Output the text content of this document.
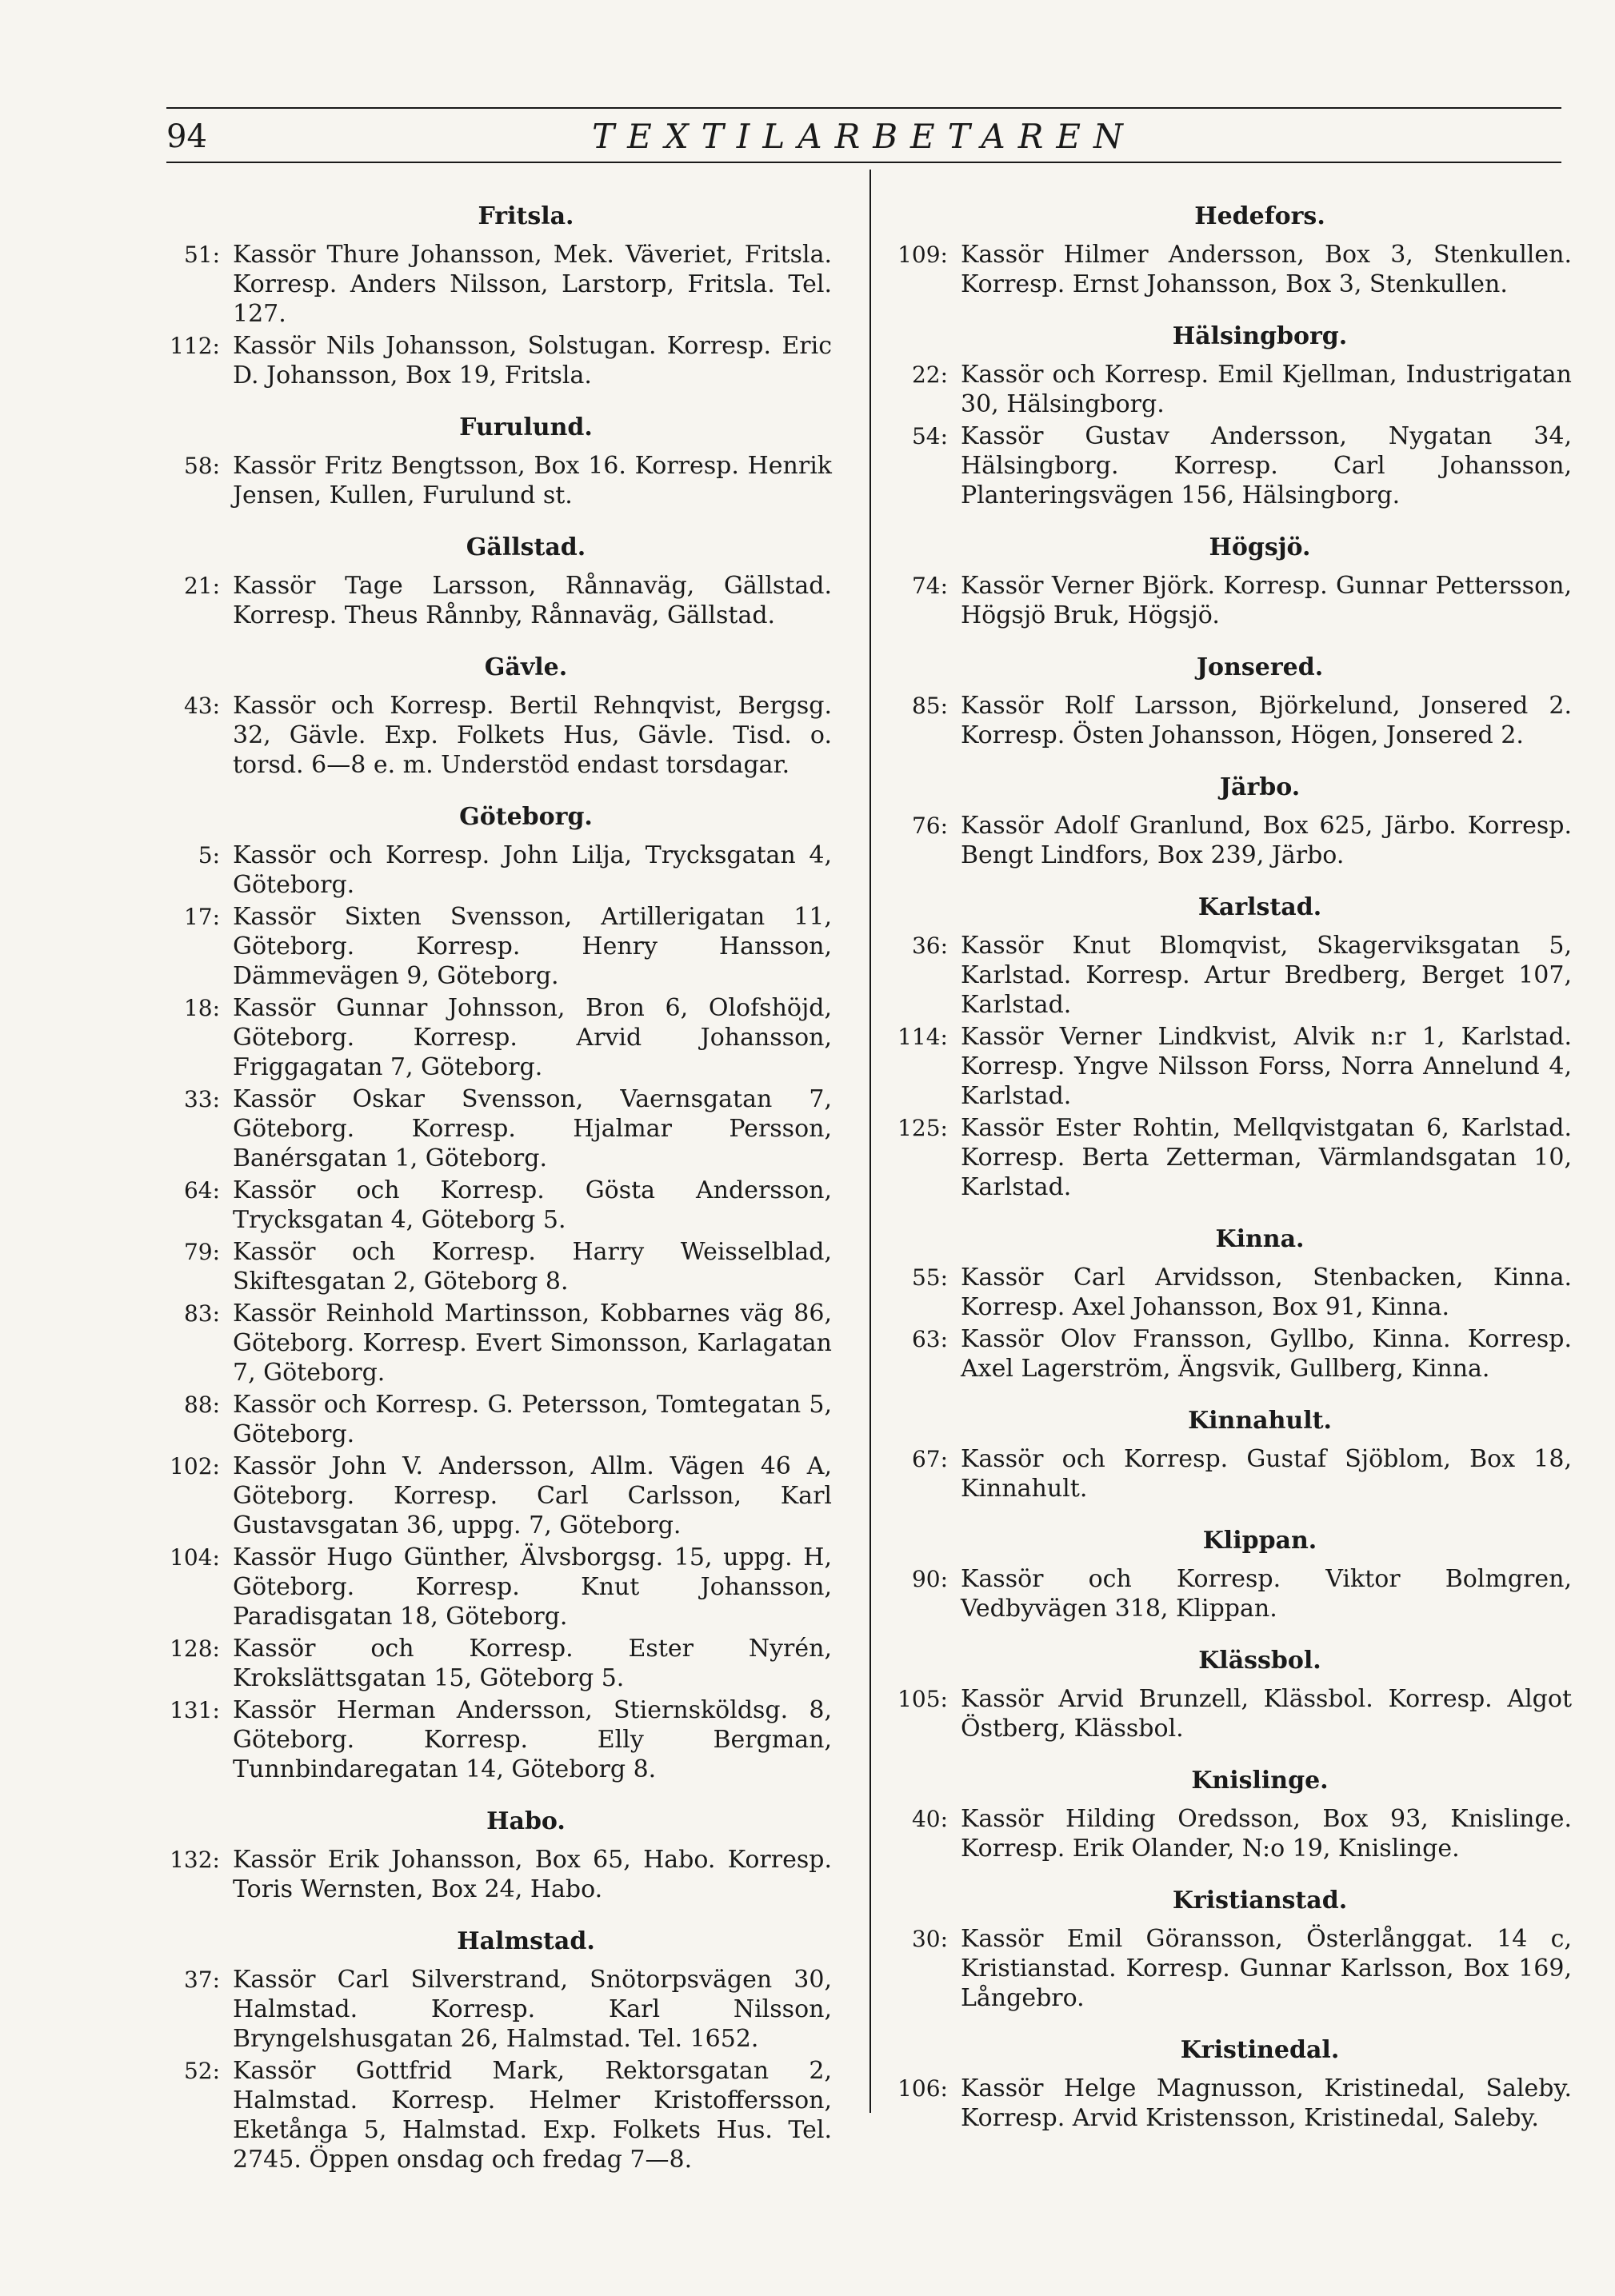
94	TEXTILARBETAREN
Fritsla.
51: Kassör Thure Johansson, Mek. Väveriet, Fritsla. Korresp. Anders Nilsson, Larstorp, Fritsla. Tel. 127.
112: Kassör Nils Johansson, Solstugan. Korresp. Eric D. Johansson, Box 19, Fritsla.
Furulund.
58: Kassör Fritz Bengtsson, Box 16. Korresp. Henrik Jensen, Kullen, Furulund st.
Gällstad.
21: Kassör Tage Larsson, Rånnaväg, Gällstad. Korresp. Theus Rånnby, Rånnaväg, Gällstad.
Gävle.
43: Kassör och Korresp. Bertil Rehnqvist, Bergsg. 32, Gävle. Exp. Folkets Hus, Gävle. Tisd. o. torsd. 6—8 e. m. Understöd endast torsdagar.
Göteborg.
5: Kassör och Korresp. John Lilja, Trycksgatan 4, Göteborg.
17: Kassör Sixten Svensson, Artillerigatan 11, Göteborg. Korresp. Henry Hansson, Dämmevägen 9, Göteborg.
18: Kassör Gunnar Johnsson, Bron 6, Olofshöjd, Göteborg. Korresp. Arvid Johansson, Friggagatan 7, Göteborg.
33: Kassör Oskar Svensson, Vaernsgatan 7, Göteborg. Korresp. Hjalmar Persson, Banérsgatan 1, Göteborg.
64: Kassör och Korresp. Gösta Andersson, Trycksgatan 4, Göteborg 5.
79: Kassör och Korresp. Harry Weisselblad, Skiftesgatan 2, Göteborg 8.
83: Kassör Reinhold Martinsson, Kobbarnes väg 86, Göteborg. Korresp. Evert Simonsson, Karlagatan 7, Göteborg.
88: Kassör och Korresp. G. Petersson, Tomtegatan 5, Göteborg.
102: Kassör John V. Andersson, Allm. Vägen 46 A, Göteborg. Korresp. Carl Carlsson, Karl Gustavsgatan 36, uppg. 7, Göteborg.
104: Kassör Hugo Günther, Älvsborgsg. 15, uppg. H, Göteborg. Korresp. Knut Johansson, Paradisgatan 18, Göteborg.
128: Kassör och Korresp. Ester Nyrén, Krokslättsgatan 15, Göteborg 5.
131: Kassör Herman Andersson, Stiernsköldsg. 8, Göteborg. Korresp. Elly Bergman, Tunnbindaregatan 14, Göteborg 8.
Habo.
132: Kassör Erik Johansson, Box 65, Habo. Korresp. Toris Wernsten, Box 24, Habo.
Halmstad.
37: Kassör Carl Silverstrand, Snötorpsvägen 30, Halmstad. Korresp. Karl Nilsson, Bryngelshusgatan 26, Halmstad. Tel. 1652.
52: Kassör Gottfrid Mark, Rektorsgatan 2, Halmstad. Korresp. Helmer Kristoffersson, Eketånga 5, Halmstad. Exp. Folkets Hus. Tel. 2745. Öppen onsdag och fredag 7—8.
Hedefors.
109: Kassör Hilmer Andersson, Box 3, Stenkullen. Korresp. Ernst Johansson, Box 3, Stenkullen.
Hälsingborg.
22: Kassör och Korresp. Emil Kjellman, Industrigatan 30, Hälsingborg.
54: Kassör Gustav Andersson, Nygatan 34, Hälsingborg. Korresp. Carl Johansson, Planteringsvägen 156, Hälsingborg.
Högsjö.
74: Kassör Verner Björk. Korresp. Gunnar Pettersson, Högsjö Bruk, Högsjö.
Jonsered.
85: Kassör Rolf Larsson, Björkelund, Jonsered 2. Korresp. Östen Johansson, Högen, Jonsered 2.
Järbo.
76: Kassör Adolf Granlund, Box 625, Järbo. Korresp. Bengt Lindfors, Box 239, Järbo.
Karlstad.
36: Kassör Knut Blomqvist, Skagerviksgatan 5, Karlstad. Korresp. Artur Bredberg, Berget 107, Karlstad.
114: Kassör Verner Lindkvist, Alvik n:r 1, Karlstad. Korresp. Yngve Nilsson Forss, Norra Annelund 4, Karlstad.
125: Kassör Ester Rohtin, Mellqvistgatan 6, Karlstad. Korresp. Berta Zetterman, Värmlandsgatan 10, Karlstad.
Kinna.
55: Kassör Carl Arvidsson, Stenbacken, Kinna. Korresp. Axel Johansson, Box 91, Kinna.
63: Kassör Olov Fransson, Gyllbo, Kinna. Korresp. Axel Lagerström, Ängsvik, Gullberg, Kinna.
Kinnahult.
67: Kassör och Korresp. Gustaf Sjöblom, Box 18, Kinnahult.
Klippan.
90: Kassör och Korresp. Viktor Bolmgren, Vedbyvägen 318, Klippan.
Klässbol.
105: Kassör Arvid Brunzell, Klässbol. Korresp. Algot Östberg, Klässbol.
Knislinge.
40: Kassör Hilding Oredsson, Box 93, Knislinge. Korresp. Erik Olander, N:o 19, Knislinge.
Kristianstad.
30: Kassör Emil Göransson, Österlånggat. 14 c, Kristianstad. Korresp. Gunnar Karlsson, Box 169, Långebro.
Kristinedal.
106: Kassör Helge Magnusson, Kristinedal, Saleby. Korresp. Arvid Kristensson, Kristinedal, Saleby.
